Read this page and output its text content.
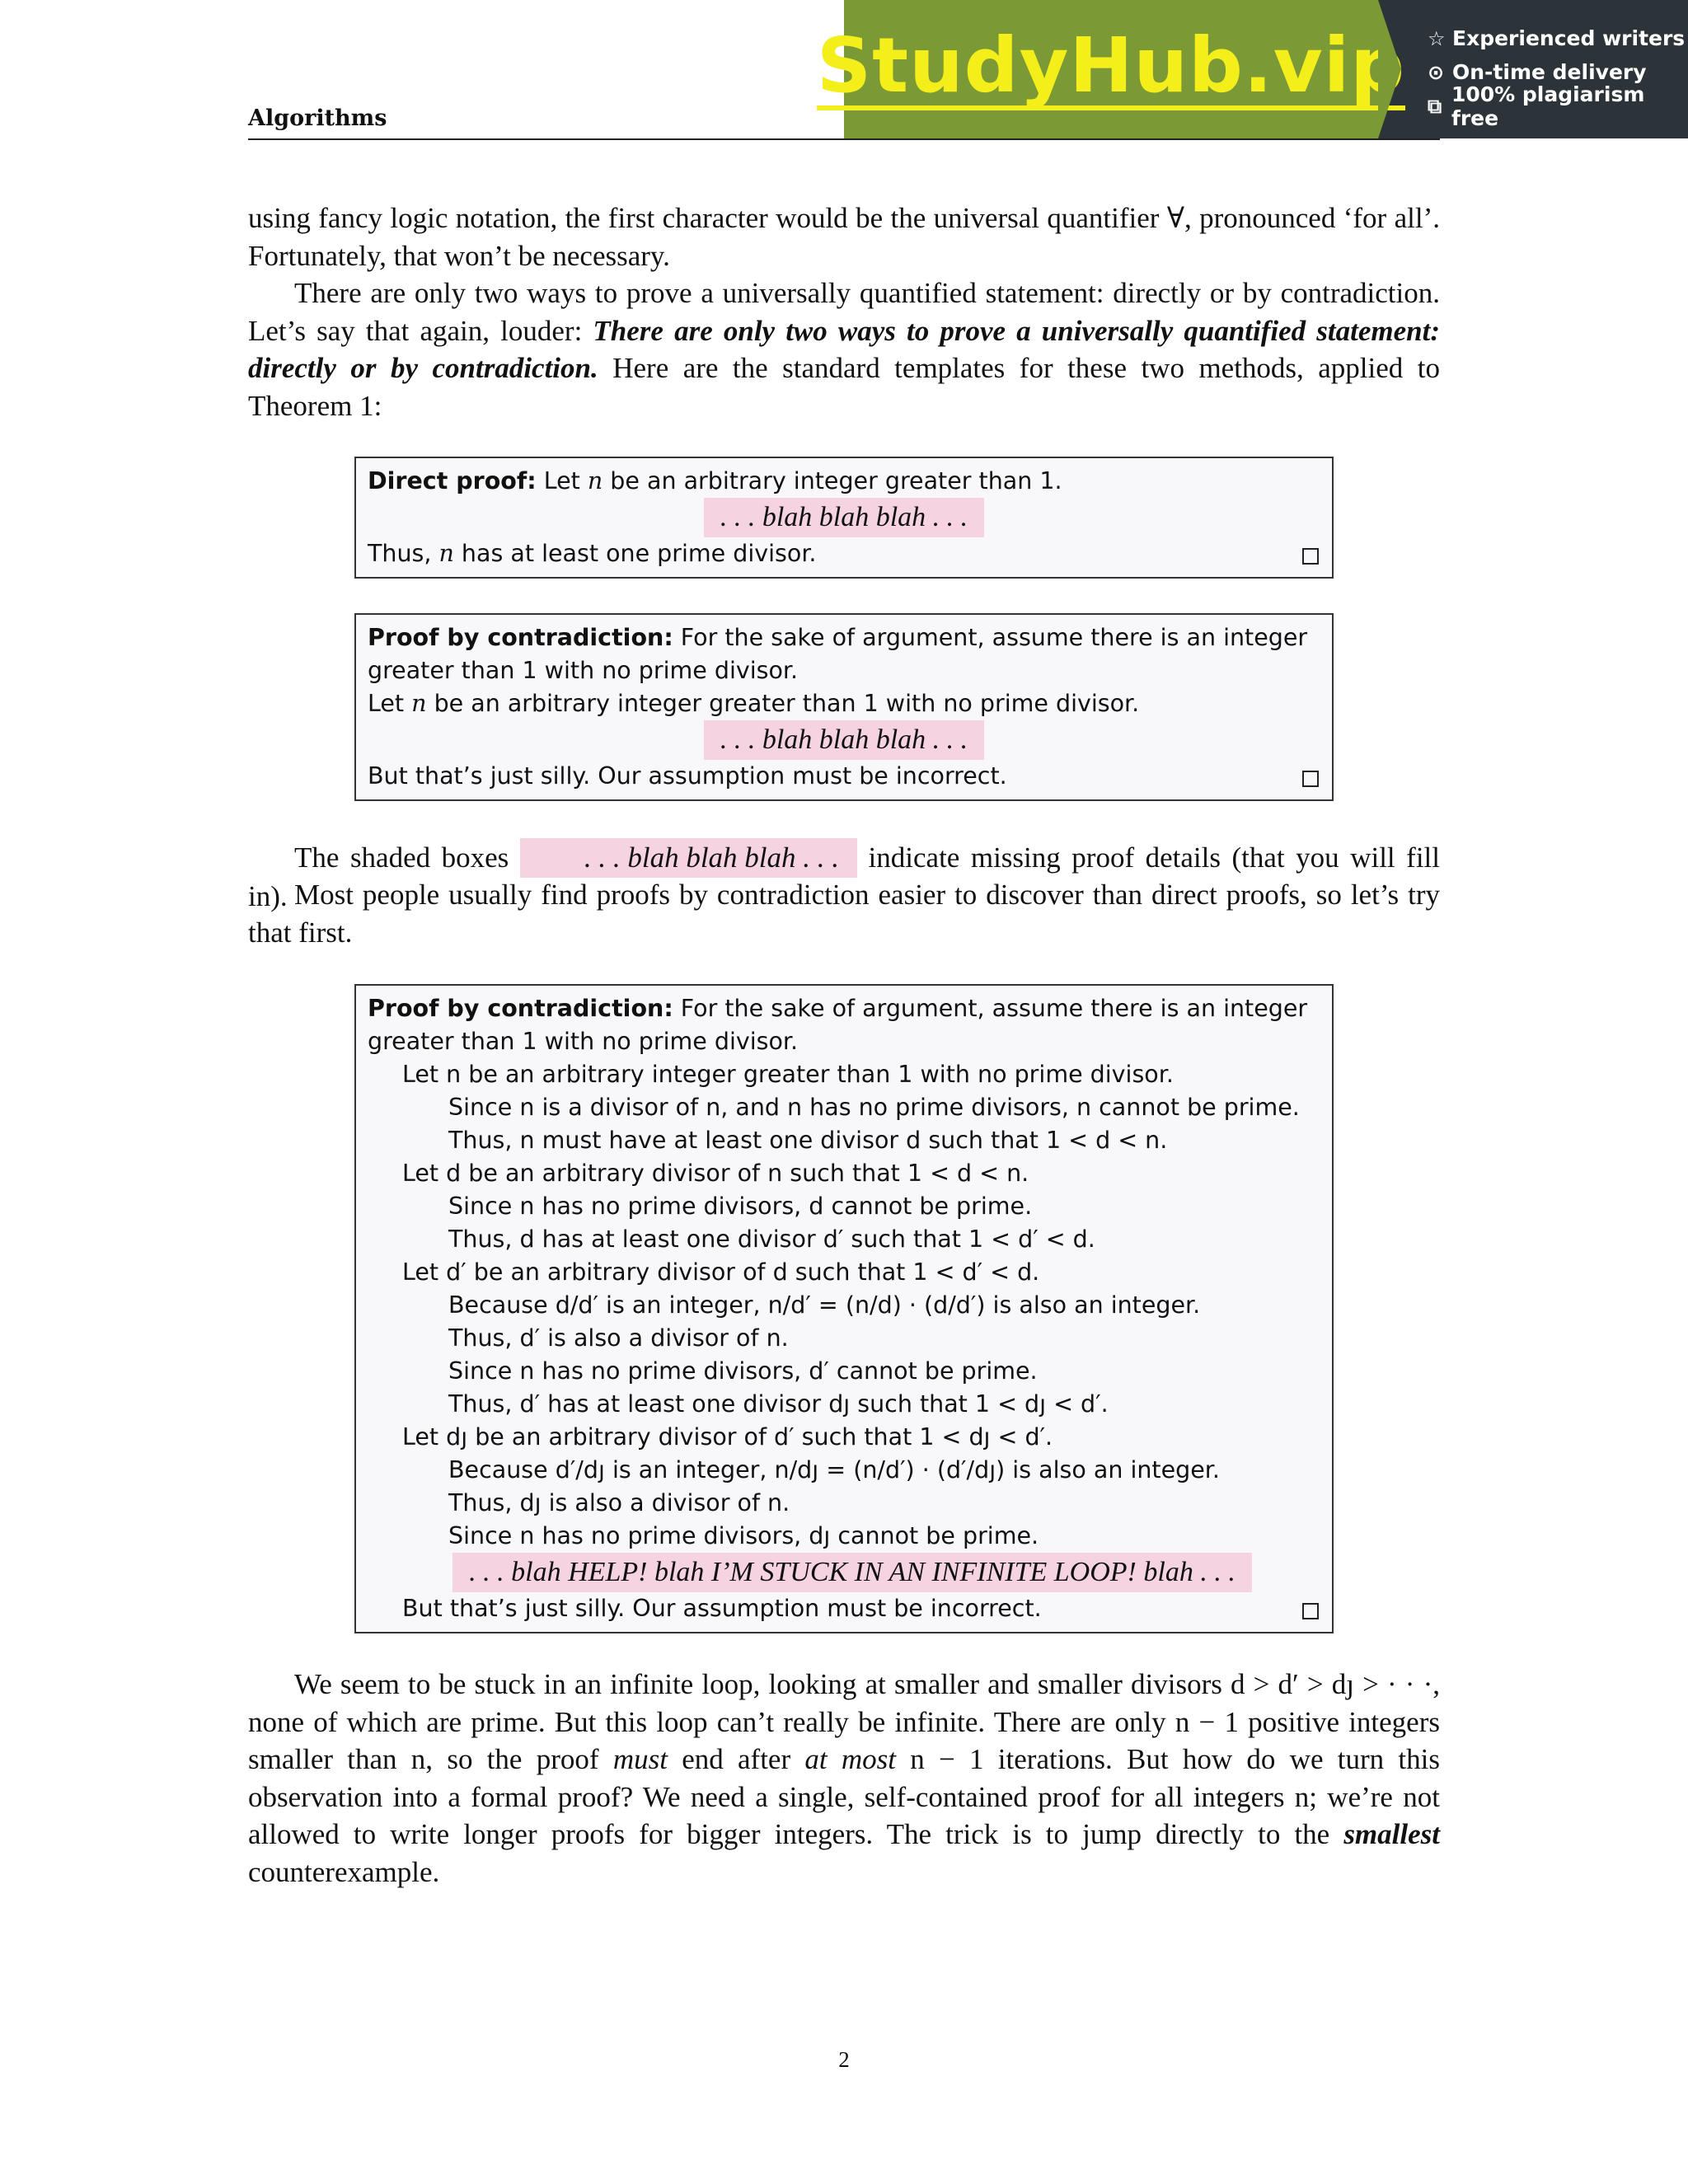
Algorithms
StudyHub.vip ☆ Experienced writers
⊙ On-time delivery
⧉ 100% plagiarism free
using fancy logic notation, the first character would be the universal quantifier ∀, pronounced ‘for all’. Fortunately, that won’t be necessary.
There are only two ways to prove a universally quantified statement: directly or by contradiction. Let’s say that again, louder: There are only two ways to prove a universally quantified statement: directly or by contradiction. Here are the standard templates for these two methods, applied to Theorem 1:
Direct proof: Let n be an arbitrary integer greater than 1.
. . . blah blah blah . . .
Thus, n has at least one prime divisor.
Proof by contradiction: For the sake of argument, assume there is an integer greater than 1 with no prime divisor.
Let n be an arbitrary integer greater than 1 with no prime divisor.
. . . blah blah blah . . .
But that’s just silly. Our assumption must be incorrect.
The shaded boxes . . . blah blah blah . . . indicate missing proof details (that you will fill in). Most people usually find proofs by contradiction easier to discover than direct proofs, so let’s try that first.
Proof by contradiction: For the sake of argument, assume there is an integer greater than 1 with no prime divisor.
Let n be an arbitrary integer greater than 1 with no prime divisor.
Since n is a divisor of n, and n has no prime divisors, n cannot be prime.
Thus, n must have at least one divisor d such that 1 < d < n.
Let d be an arbitrary divisor of n such that 1 < d < n.
Since n has no prime divisors, d cannot be prime.
Thus, d has at least one divisor d′ such that 1 < d′ < d.
Let d′ be an arbitrary divisor of d such that 1 < d′ < d.
Because d/d′ is an integer, n/d′ = (n/d) · (d/d′) is also an integer.
Thus, d′ is also a divisor of n.
Since n has no prime divisors, d′ cannot be prime.
Thus, d′ has at least one divisor dȷ such that 1 < dȷ < d′.
Let dȷ be an arbitrary divisor of d′ such that 1 < dȷ < d′.
Because d′/dȷ is an integer, n/dȷ = (n/d′) · (d′/dȷ) is also an integer.
Thus, dȷ is also a divisor of n.
Since n has no prime divisors, dȷ cannot be prime.
. . . blah HELP! blah I’M STUCK IN AN INFINITE LOOP! blah . . .
But that’s just silly. Our assumption must be incorrect.
We seem to be stuck in an infinite loop, looking at smaller and smaller divisors d > d′ > dȷ > · · ·, none of which are prime. But this loop can’t really be infinite. There are only n − 1 positive integers smaller than n, so the proof must end after at most n − 1 iterations. But how do we turn this observation into a formal proof? We need a single, self-contained proof for all integers n; we’re not allowed to write longer proofs for bigger integers. The trick is to jump directly to the smallest counterexample.
2
